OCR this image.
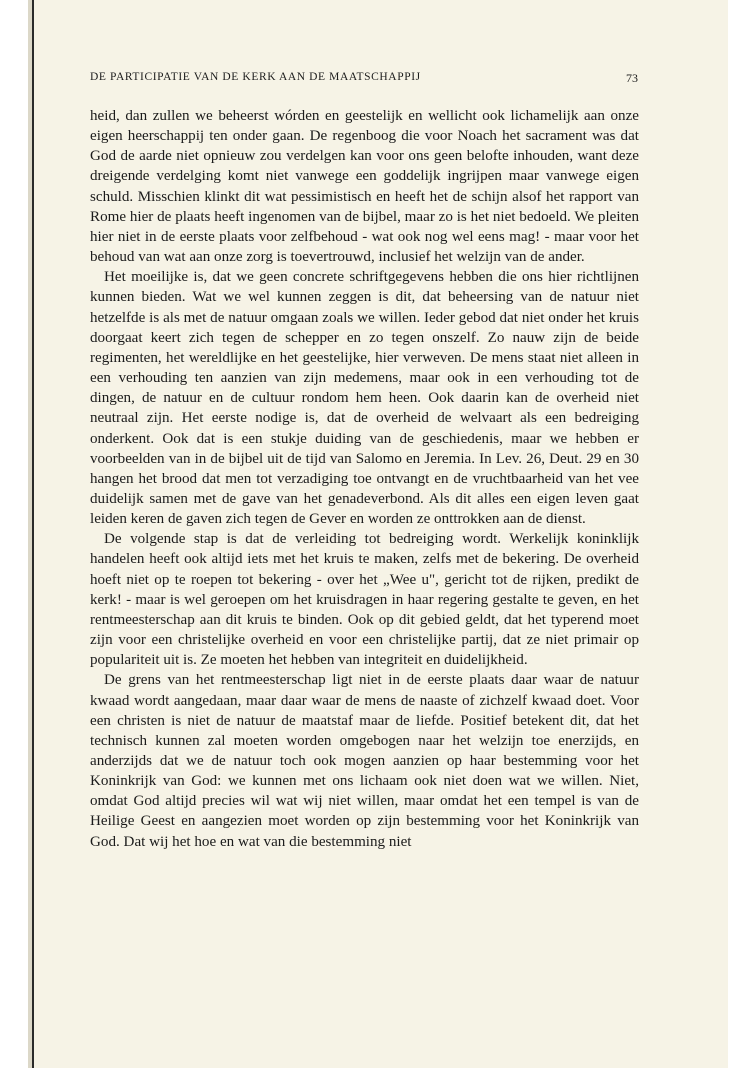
DE PARTICIPATIE VAN DE KERK AAN DE MAATSCHAPPIJ	73

heid, dan zullen we beheerst wórden en geestelijk en wellicht ook lichamelijk aan onze eigen heerschappij ten onder gaan. De regenboog die voor Noach het sacrament was dat God de aarde niet opnieuw zou verdelgen kan voor ons geen belofte inhouden, want deze dreigende verdelging komt niet vanwege een goddelijk ingrijpen maar vanwege eigen schuld. Misschien klinkt dit wat pessimistisch en heeft het de schijn alsof het rapport van Rome hier de plaats heeft ingenomen van de bijbel, maar zo is het niet bedoeld. We pleiten hier niet in de eerste plaats voor zelfbehoud - wat ook nog wel eens mag! - maar voor het behoud van wat aan onze zorg is toevertrouwd, inclusief het welzijn van de ander.

Het moeilijke is, dat we geen concrete schriftgegevens hebben die ons hier richtlijnen kunnen bieden. Wat we wel kunnen zeggen is dit, dat beheersing van de natuur niet hetzelfde is als met de natuur omgaan zoals we willen. Ieder gebod dat niet onder het kruis doorgaat keert zich tegen de schepper en zo tegen onszelf. Zo nauw zijn de beide regimenten, het wereldlijke en het geestelijke, hier verweven. De mens staat niet alleen in een verhouding ten aanzien van zijn medemens, maar ook in een verhouding tot de dingen, de natuur en de cultuur rondom hem heen. Ook daarin kan de overheid niet neutraal zijn. Het eerste nodige is, dat de overheid de welvaart als een bedreiging onderkent. Ook dat is een stukje duiding van de geschiedenis, maar we hebben er voorbeelden van in de bijbel uit de tijd van Salomo en Jeremia. In Lev. 26, Deut. 29 en 30 hangen het brood dat men tot verzadiging toe ontvangt en de vruchtbaarheid van het vee duidelijk samen met de gave van het genadeverbond. Als dit alles een eigen leven gaat leiden keren de gaven zich tegen de Gever en worden ze onttrokken aan de dienst.

De volgende stap is dat de verleiding tot bedreiging wordt. Werkelijk koninklijk handelen heeft ook altijd iets met het kruis te maken, zelfs met de bekering. De overheid hoeft niet op te roepen tot bekering - over het „Wee u", gericht tot de rijken, predikt de kerk! - maar is wel geroepen om het kruisdragen in haar regering gestalte te geven, en het rentmeesterschap aan dit kruis te binden. Ook op dit gebied geldt, dat het typerend moet zijn voor een christelijke overheid en voor een christelijke partij, dat ze niet primair op populariteit uit is. Ze moeten het hebben van integriteit en duidelijkheid.

De grens van het rentmeesterschap ligt niet in de eerste plaats daar waar de natuur kwaad wordt aangedaan, maar daar waar de mens de naaste of zichzelf kwaad doet. Voor een christen is niet de natuur de maatstaf maar de liefde. Positief betekent dit, dat het technisch kunnen zal moeten worden omgebogen naar het welzijn toe enerzijds, en anderzijds dat we de natuur toch ook mogen aanzien op haar bestemming voor het Koninkrijk van God: we kunnen met ons lichaam ook niet doen wat we willen. Niet, omdat God altijd precies wil wat wij niet willen, maar omdat het een tempel is van de Heilige Geest en aangezien moet worden op zijn bestemming voor het Koninkrijk van God. Dat wij het hoe en wat van die bestemming niet
